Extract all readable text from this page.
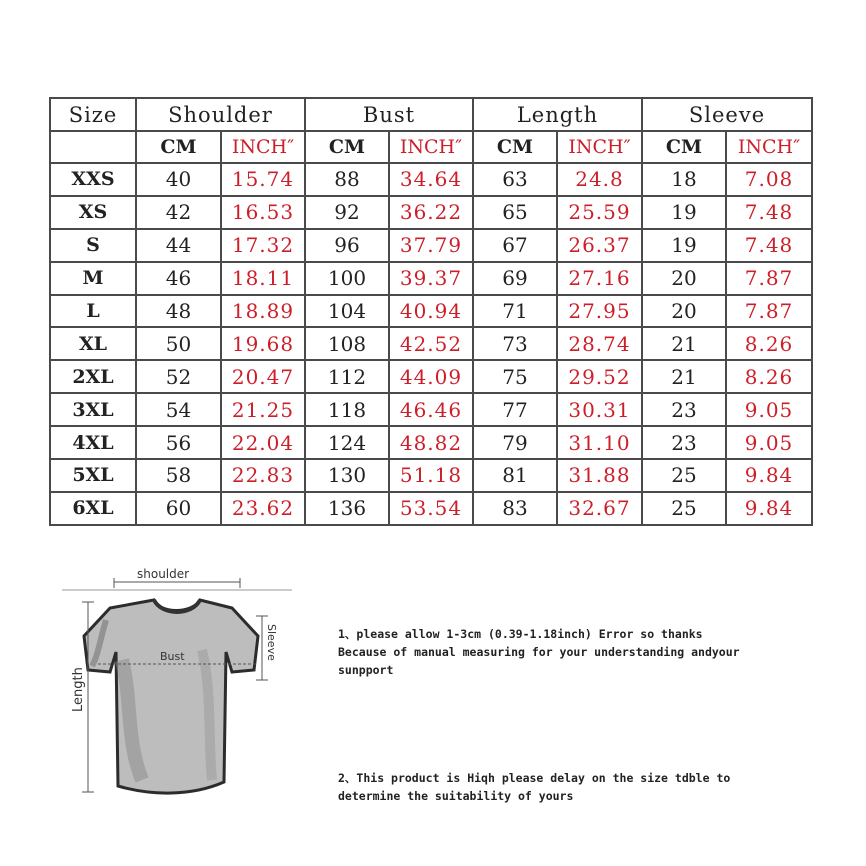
Size	Shoulder		Bust		Length		Sleeve	
	CM	INCH″	CM	INCH″	CM	INCH″	CM	INCH″
XXS	40	15.74	88	34.64	63	24.8	18	7.08
XS	42	16.53	92	36.22	65	25.59	19	7.48
S	44	17.32	96	37.79	67	26.37	19	7.48
M	46	18.11	100	39.37	69	27.16	20	7.87
L	48	18.89	104	40.94	71	27.95	20	7.87
XL	50	19.68	108	42.52	73	28.74	21	8.26
2XL	52	20.47	112	44.09	75	29.52	21	8.26
3XL	54	21.25	118	46.46	77	30.31	23	9.05
4XL	56	22.04	124	48.82	79	31.10	23	9.05
5XL	58	22.83	130	51.18	81	31.88	25	9.84
6XL	60	23.62	136	53.54	83	32.67	25	9.84
shoulder
Bust	Sleeve
Length

1、please allow 1-3cm (0.39-1.18inch) Error so thanks
Because of manual measuring for your understanding andyour
sunpport

2、This product is Hiqh please delay on the size tdble to
determine the suitability of yours
